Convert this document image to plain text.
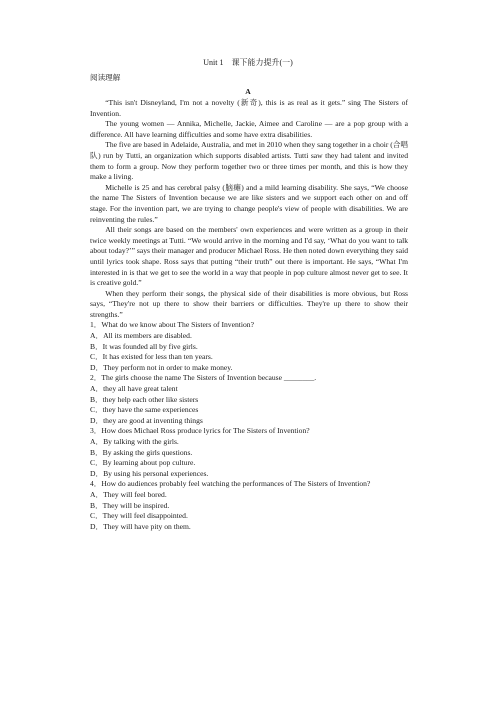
Unit 1　课下能力提升(一)
阅读理解
A

“This isn't Disneyland, I'm not a novelty (新奇), this is as real as it gets.” sing The Sisters of Invention.

The young women — Annika, Michelle, Jackie, Aimee and Caroline — are a pop group with a difference. All have learning difficulties and some have extra disabilities.

The five are based in Adelaide, Australia, and met in 2010 when they sang together in a choir (合唱队) run by Tutti, an organization which supports disabled artists. Tutti saw they had talent and invited them to form a group. Now they perform together two or three times per month, and this is how they make a living.

Michelle is 25 and has cerebral palsy (脑瘫) and a mild learning disability. She says, “We choose the name The Sisters of Invention because we are like sisters and we support each other on and off stage. For the invention part, we are trying to change people's view of people with disabilities. We are reinventing the rules.”

All their songs are based on the members' own experiences and were written as a group in their twice weekly meetings at Tutti. “We would arrive in the morning and I'd say, ‘What do you want to talk about today?’” says their manager and producer Michael Ross. He then noted down everything they said until lyrics took shape. Ross says that putting “their truth” out there is important. He says, “What I'm interested in is that we get to see the world in a way that people in pop culture almost never get to see. It is creative gold.”

When they perform their songs, the physical side of their disabilities is more obvious, but Ross says, “They're not up there to show their barriers or difficulties. They're up there to show their strengths.”

1．What do we know about The Sisters of Invention?

A．All its members are disabled.

B．It was founded all by five girls.

C．It has existed for less than ten years.

D．They perform not in order to make money.

2．The girls choose the name The Sisters of Invention because ________.

A．they all have great talent

B．they help each other like sisters

C．they have the same experiences

D．they are good at inventing things

3．How does Michael Ross produce lyrics for The Sisters of Invention?

A．By talking with the girls.

B．By asking the girls questions.

C．By learning about pop culture.

D．By using his personal experiences.

4．How do audiences probably feel watching the performances of The Sisters of Invention?

A．They will feel bored.

B．They will be inspired.

C．They will feel disappointed.

D．They will have pity on them.
